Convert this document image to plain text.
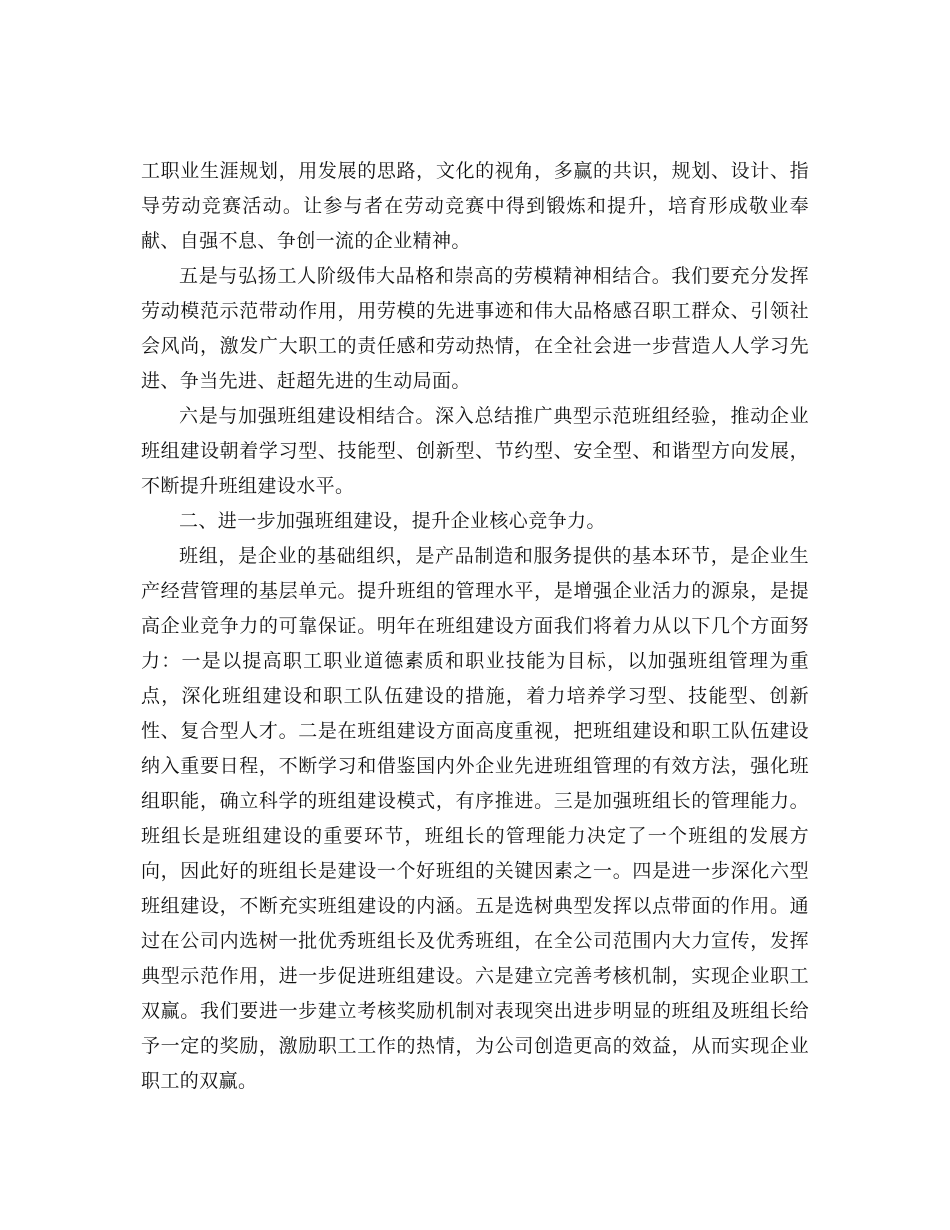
工职业生涯规划，用发展的思路，文化的视角，多赢的共识，规划、设计、指导劳动竞赛活动。让参与者在劳动竞赛中得到锻炼和提升，培育形成敬业奉献、自强不息、争创一流的企业精神。

五是与弘扬工人阶级伟大品格和崇高的劳模精神相结合。我们要充分发挥劳动模范示范带动作用，用劳模的先进事迹和伟大品格感召职工群众、引领社会风尚，激发广大职工的责任感和劳动热情，在全社会进一步营造人人学习先进、争当先进、赶超先进的生动局面。

六是与加强班组建设相结合。深入总结推广典型示范班组经验，推动企业班组建设朝着学习型、技能型、创新型、节约型、安全型、和谐型方向发展，不断提升班组建设水平。

二、进一步加强班组建设，提升企业核心竞争力。

班组，是企业的基础组织，是产品制造和服务提供的基本环节，是企业生产经营管理的基层单元。提升班组的管理水平，是增强企业活力的源泉，是提高企业竞争力的可靠保证。明年在班组建设方面我们将着力从以下几个方面努力：一是以提高职工职业道德素质和职业技能为目标，以加强班组管理为重点，深化班组建设和职工队伍建设的措施，着力培养学习型、技能型、创新性、复合型人才。二是在班组建设方面高度重视，把班组建设和职工队伍建设纳入重要日程，不断学习和借鉴国内外企业先进班组管理的有效方法，强化班组职能，确立科学的班组建设模式，有序推进。三是加强班组长的管理能力。班组长是班组建设的重要环节，班组长的管理能力决定了一个班组的发展方向，因此好的班组长是建设一个好班组的关键因素之一。四是进一步深化六型班组建设，不断充实班组建设的内涵。五是选树典型发挥以点带面的作用。通过在公司内选树一批优秀班组长及优秀班组，在全公司范围内大力宣传，发挥典型示范作用，进一步促进班组建设。六是建立完善考核机制，实现企业职工双赢。我们要进一步建立考核奖励机制对表现突出进步明显的班组及班组长给予一定的奖励，激励职工工作的热情，为公司创造更高的效益，从而实现企业职工的双赢。
